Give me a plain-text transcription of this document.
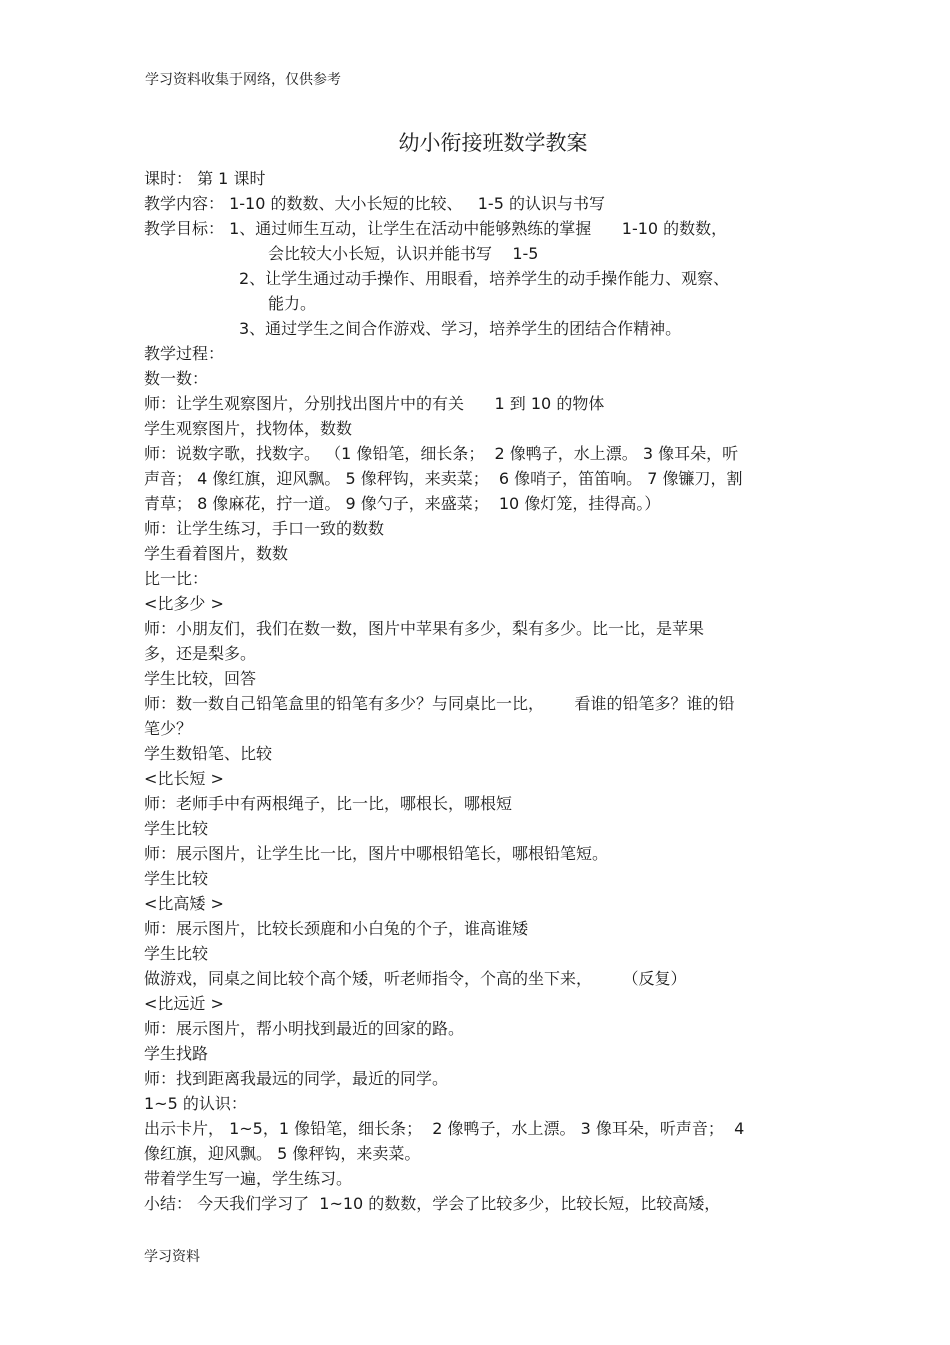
学习资料收集于网络，仅供参考
幼小衔接班数学教案
课时： 第 1 课时
教学内容： 1-10 的数数、大小长短的比较、   1-5 的认识与书写
教学目标： 1、通过师生互动，让学生在活动中能够熟练的掌握      1-10 的数数，
会比较大小长短，认识并能书写    1-5
2、让学生通过动手操作、用眼看，培养学生的动手操作能力、观察、
能力。
3、通过学生之间合作游戏、学习，培养学生的团结合作精神。
教学过程：
数一数：
师：让学生观察图片，分别找出图片中的有关      1 到 10 的物体
学生观察图片，找物体，数数
师：说数字歌，找数字。 （1 像铅笔，细长条；  2 像鸭子，水上漂。 3 像耳朵，听
声音； 4 像红旗，迎风飘。 5 像秤钩，来卖菜；  6 像哨子，笛笛响。 7 像镰刀，割
青草； 8 像麻花，拧一道。 9 像勺子，来盛菜；  10 像灯笼，挂得高。）
师：让学生练习，手口一致的数数
学生看着图片，数数
比一比：
<比多少 >
师：小朋友们，我们在数一数，图片中苹果有多少，梨有多少。比一比，是苹果
多，还是梨多。
学生比较，回答
师：数一数自己铅笔盒里的铅笔有多少？与同桌比一比，      看谁的铅笔多？谁的铅
笔少？
学生数铅笔、比较
<比长短 >
师：老师手中有两根绳子，比一比，哪根长，哪根短
学生比较
师：展示图片，让学生比一比，图片中哪根铅笔长，哪根铅笔短。
学生比较
<比高矮 >
师：展示图片，比较长颈鹿和小白兔的个子，谁高谁矮
学生比较
做游戏，同桌之间比较个高个矮，听老师指令，个高的坐下来，      （反复）
<比远近 >
师：展示图片，帮小明找到最近的回家的路。
学生找路
师：找到距离我最远的同学，最近的同学。
1~5 的认识：
出示卡片， 1~5，1 像铅笔，细长条；  2 像鸭子，水上漂。 3 像耳朵，听声音；  4
像红旗，迎风飘。 5 像秤钩，来卖菜。
带着学生写一遍，学生练习。
小结： 今天我们学习了  1~10 的数数，学会了比较多少，比较长短，比较高矮，
学习资料
